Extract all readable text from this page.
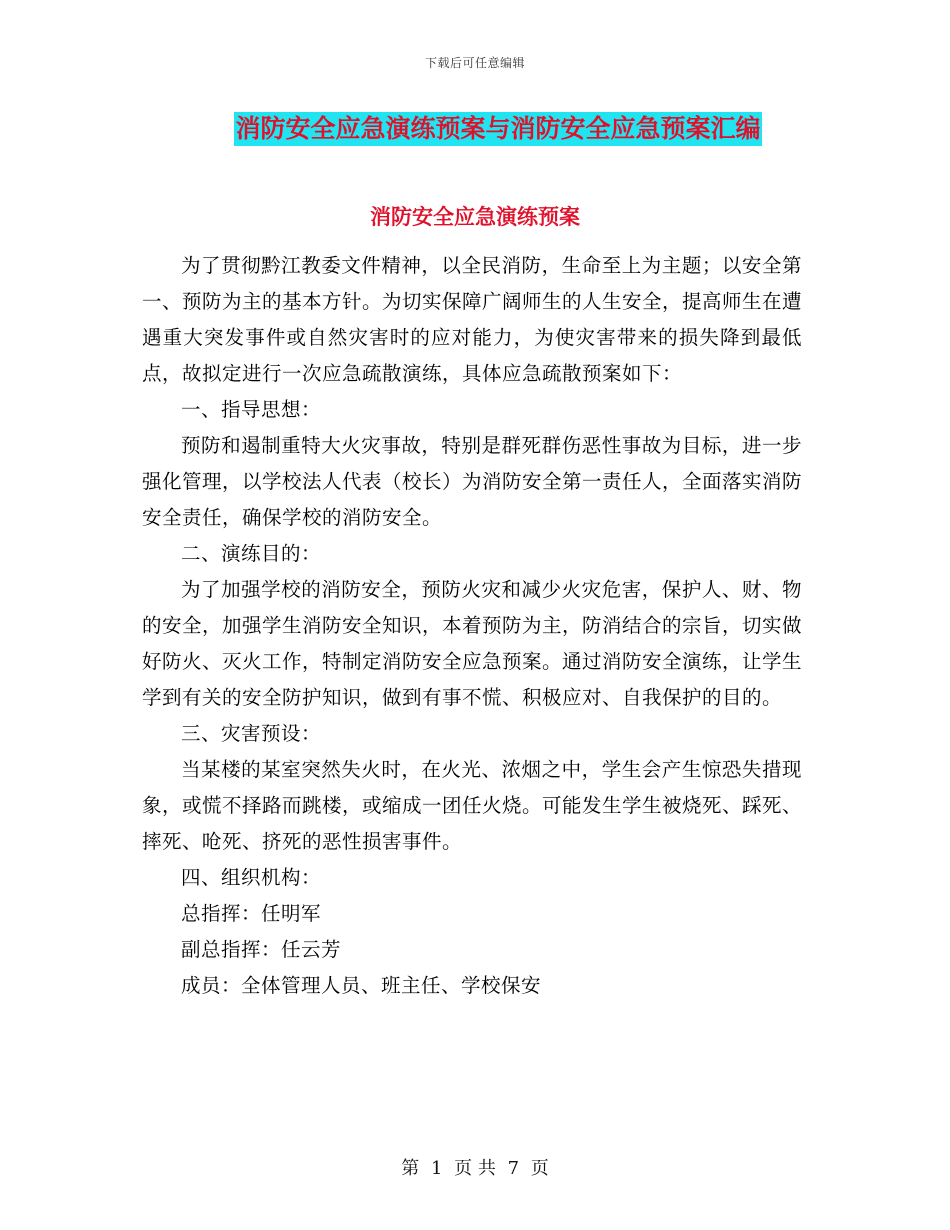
下载后可任意编辑
消防安全应急演练预案与消防安全应急预案汇编
消防安全应急演练预案

为了贯彻黔江教委文件精神，以全民消防，生命至上为主题；以安全第一、预防为主的基本方针。为切实保障广阔师生的人生安全，提高师生在遭遇重大突发事件或自然灾害时的应对能力，为使灾害带来的损失降到最低点，故拟定进行一次应急疏散演练，具体应急疏散预案如下：

一、指导思想：

预防和遏制重特大火灾事故，特别是群死群伤恶性事故为目标，进一步强化管理，以学校法人代表（校长）为消防安全第一责任人，全面落实消防安全责任，确保学校的消防安全。

二、演练目的：

为了加强学校的消防安全，预防火灾和减少火灾危害，保护人、财、物的安全，加强学生消防安全知识，本着预防为主，防消结合的宗旨，切实做好防火、灭火工作，特制定消防安全应急预案。通过消防安全演练，让学生学到有关的安全防护知识，做到有事不慌、积极应对、自我保护的目的。

三、灾害预设：

当某楼的某室突然失火时，在火光、浓烟之中，学生会产生惊恐失措现象，或慌不择路而跳楼，或缩成一团任火烧。可能发生学生被烧死、踩死、摔死、呛死、挤死的恶性损害事件。

四、组织机构：

总指挥：任明军

副总指挥：任云芳

成员：全体管理人员、班主任、学校保安

第 1 页 共 7 页
